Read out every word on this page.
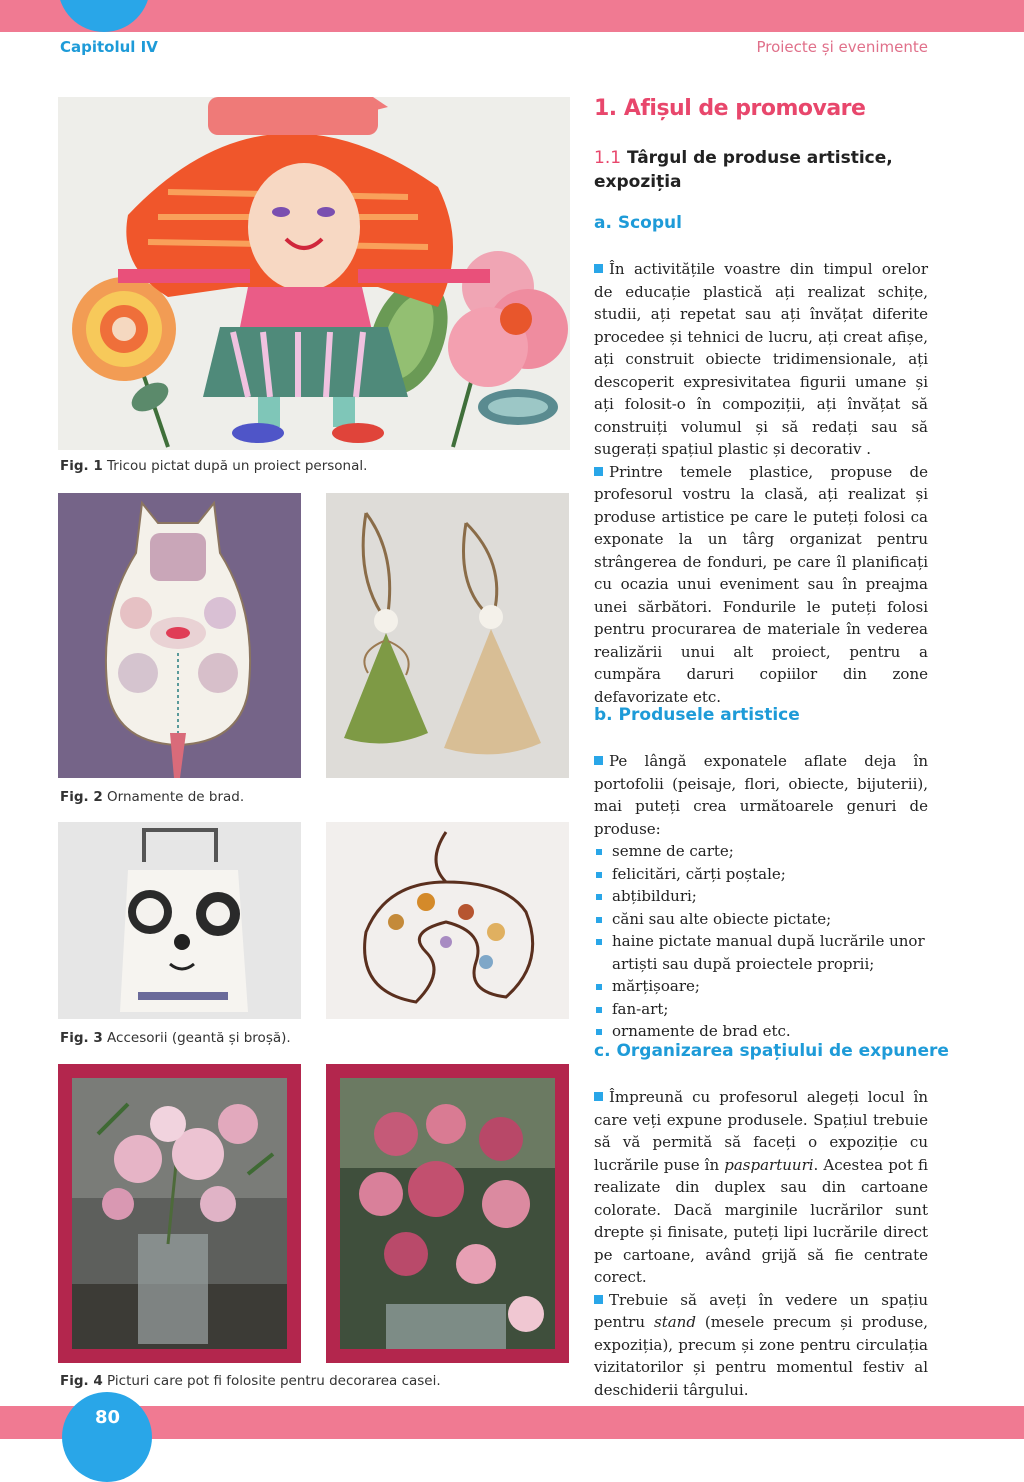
Capitolul IV	Proiecte și evenimente
Fig. 1 Tricou pictat după un proiect personal.
Fig. 2 Ornamente de brad.
Fig. 3 Accesorii (geantă și broșă).
Fig. 4 Picturi care pot fi folosite pentru decorarea casei.
1. Afișul de promovare
1.1 Târgul de produse artistice, expoziția
a. Scopul

În activitățile voastre din timpul orelor de educație plastică ați realizat schițe, studii, ați repetat sau ați învățat diferite procedee și tehnici de lucru, ați creat afișe, ați construit obiecte tridimensionale, ați descoperit expresivitatea figurii umane și ați folosit-o în compoziții, ați învățat să construiți volumul și să redați sau să sugerați spațiul plastic și decorativ .

Printre temele plastice, propuse de profesorul vostru la clasă, ați realizat și produse artistice pe care le puteți folosi ca exponate la un târg organizat pentru strângerea de fonduri, pe care îl planificați cu ocazia unui eveniment sau în preajma unei sărbători. Fondurile le puteți folosi pentru procurarea de materiale în vederea realizării unui alt proiect, pentru a cumpăra daruri copiilor din zone defavorizate etc.

b. Produsele artistice

Pe lângă exponatele aflate deja în portofolii (peisaje, flori, obiecte, bijuterii), mai puteți crea următoarele genuri de produse:

semne de carte;
felicitări, cărți poștale;
abțibilduri;
căni sau alte obiecte pictate;
haine pictate manual după lucrările unor artiști sau după proiectele proprii;
mărțișoare;
fan-art;
ornamente de brad etc.
c. Organizarea spațiului de expunere

Împreună cu profesorul alegeți locul în care veți expune produsele. Spațiul trebuie să vă permită să faceți o expoziție cu lucrările puse în paspartuuri. Acestea pot fi realizate din duplex sau din cartoane colorate. Dacă marginile lucrărilor sunt drepte și finisate, puteți lipi lucrările direct pe cartoane, având grijă să fie centrate corect.

Trebuie să aveți în vedere un spațiu pentru stand (mesele precum și produse, expoziția), precum și zone pentru circulația vizitatorilor și pentru momentul festiv al deschiderii târgului.

80
